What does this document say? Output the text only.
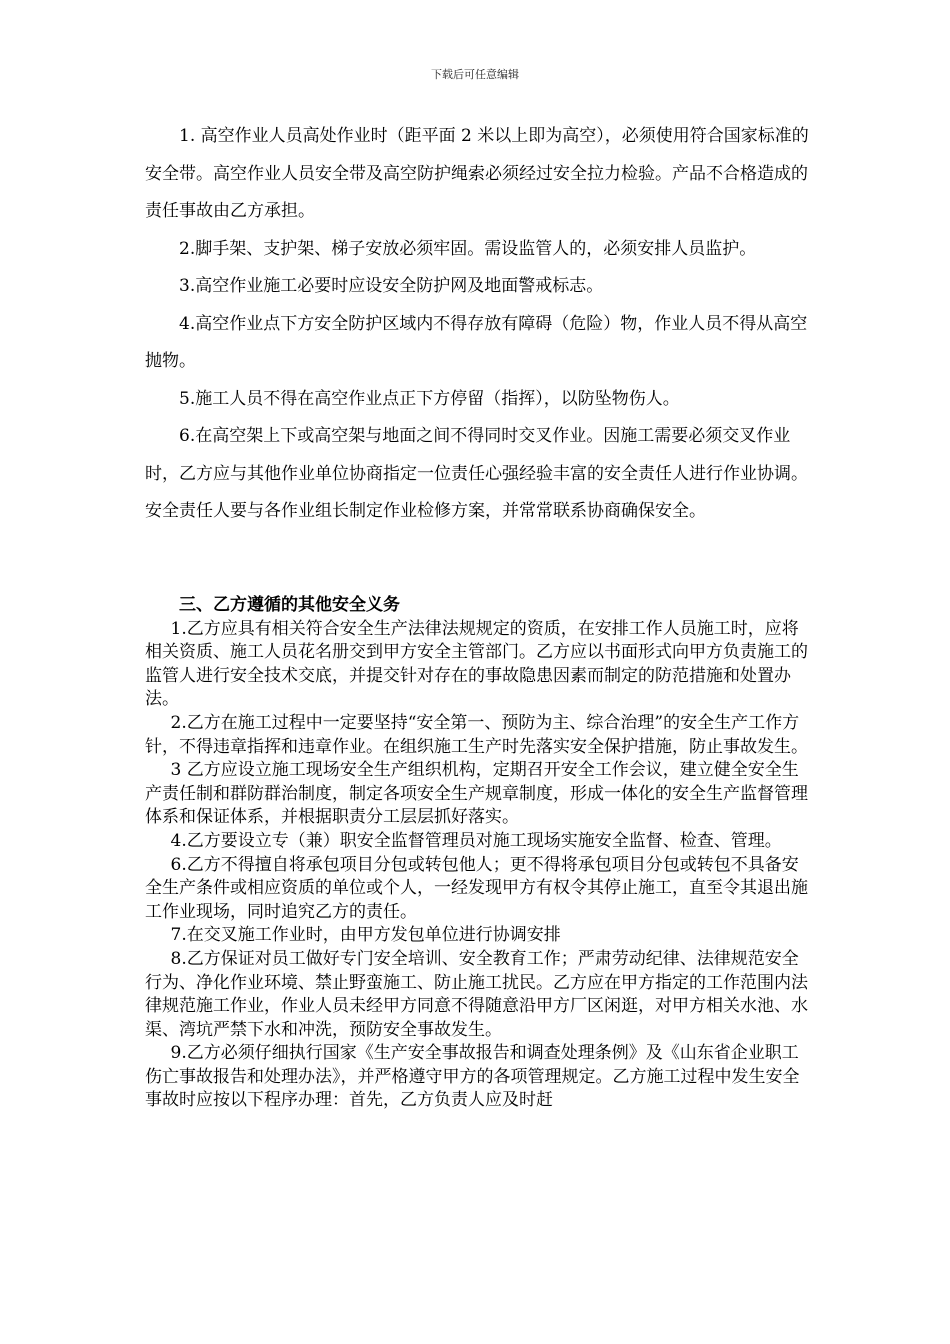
下载后可任意编辑

1. 高空作业人员高处作业时（距平面 2 米以上即为高空），必须使用符合国家标准的安全带。高空作业人员安全带及高空防护绳索必须经过安全拉力检验。产品不合格造成的责任事故由乙方承担。

2.脚手架、支护架、梯子安放必须牢固。需设监管人的，必须安排人员监护。

3.高空作业施工必要时应设安全防护网及地面警戒标志。

4.高空作业点下方安全防护区域内不得存放有障碍（危险）物，作业人员不得从高空抛物。

5.施工人员不得在高空作业点正下方停留（指挥），以防坠物伤人。

6.在高空架上下或高空架与地面之间不得同时交叉作业。因施工需要必须交叉作业时，乙方应与其他作业单位协商指定一位责任心强经验丰富的安全责任人进行作业协调。安全责任人要与各作业组长制定作业检修方案，并常常联系协商确保安全。

三、乙方遵循的其他安全义务

1.乙方应具有相关符合安全生产法律法规规定的资质，在安排工作人员施工时，应将相关资质、施工人员花名册交到甲方安全主管部门。乙方应以书面形式向甲方负责施工的监管人进行安全技术交底，并提交针对存在的事故隐患因素而制定的防范措施和处置办法。

2.乙方在施工过程中一定要坚持“安全第一、预防为主、综合治理”的安全生产工作方针，不得违章指挥和违章作业。在组织施工生产时先落实安全保护措施，防止事故发生。

3 乙方应设立施工现场安全生产组织机构，定期召开安全工作会议，建立健全安全生产责任制和群防群治制度，制定各项安全生产规章制度，形成一体化的安全生产监督管理体系和保证体系，并根据职责分工层层抓好落实。

4.乙方要设立专（兼）职安全监督管理员对施工现场实施安全监督、检查、管理。

6.乙方不得擅自将承包项目分包或转包他人；更不得将承包项目分包或转包不具备安全生产条件或相应资质的单位或个人，一经发现甲方有权令其停止施工，直至令其退出施工作业现场，同时追究乙方的责任。

7.在交叉施工作业时，由甲方发包单位进行协调安排

8.乙方保证对员工做好专门安全培训、安全教育工作；严肃劳动纪律、法律规范安全行为、净化作业环境、禁止野蛮施工、防止施工扰民。乙方应在甲方指定的工作范围内法律规范施工作业，作业人员未经甲方同意不得随意沿甲方厂区闲逛，对甲方相关水池、水渠、湾坑严禁下水和冲洗，预防安全事故发生。

9.乙方必须仔细执行国家《生产安全事故报告和调查处理条例》及《山东省企业职工伤亡事故报告和处理办法》，并严格遵守甲方的各项管理规定。乙方施工过程中发生安全事故时应按以下程序办理：首先，乙方负责人应及时赶
